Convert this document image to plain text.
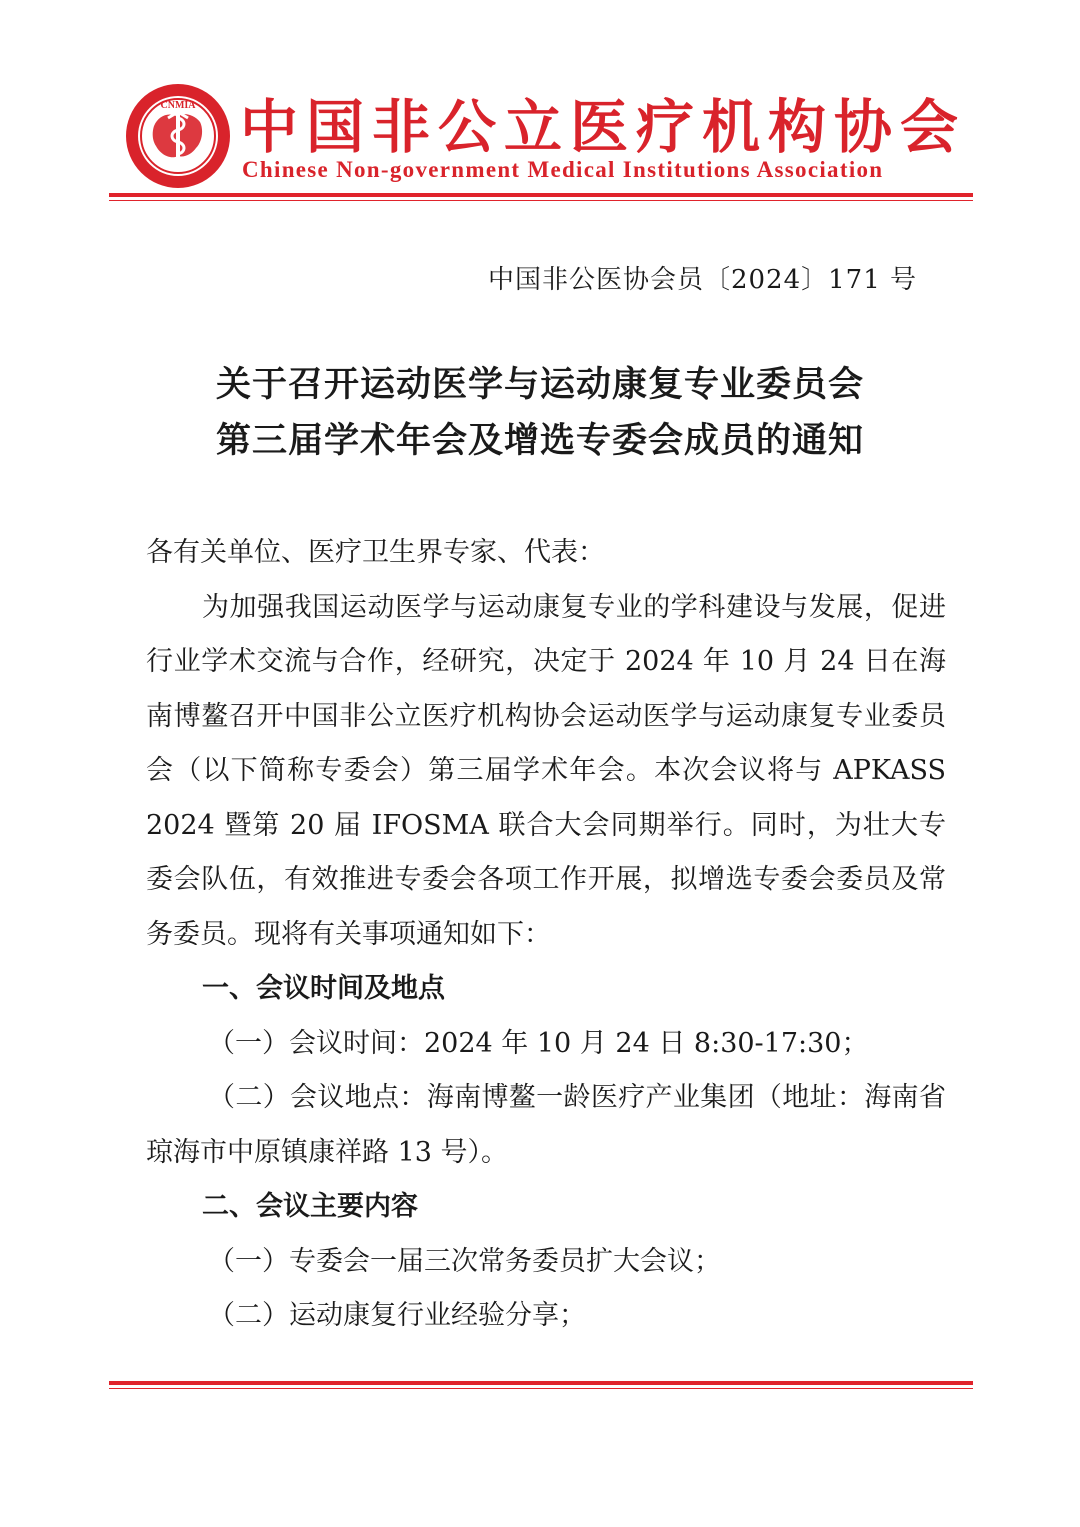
CNMIA 中国非公立医疗机构协会
Chinese Non-government Medical Institutions Association
中国非公医协会员〔2024〕171 号
关于召开运动医学与运动康复专业委员会
第三届学术年会及增选专委会成员的通知

各有关单位、医疗卫生界专家、代表：

为加强我国运动医学与运动康复专业的学科建设与发展，促进行业学术交流与合作，经研究，决定于 2024 年 10 月 24 日在海南博鳌召开中国非公立医疗机构协会运动医学与运动康复专业委员会（以下简称专委会）第三届学术年会。本次会议将与 APKASS 2024 暨第 20 届 IFOSMA 联合大会同期举行。同时，为壮大专委会队伍，有效推进专委会各项工作开展，拟增选专委会委员及常务委员。现将有关事项通知如下：

一、会议时间及地点

（一）会议时间：2024 年 10 月 24 日 8:30-17:30；

（二）会议地点：海南博鳌一龄医疗产业集团（地址：海南省琼海市中原镇康祥路 13 号）。

二、会议主要内容

（一）专委会一届三次常务委员扩大会议；

（二）运动康复行业经验分享；
